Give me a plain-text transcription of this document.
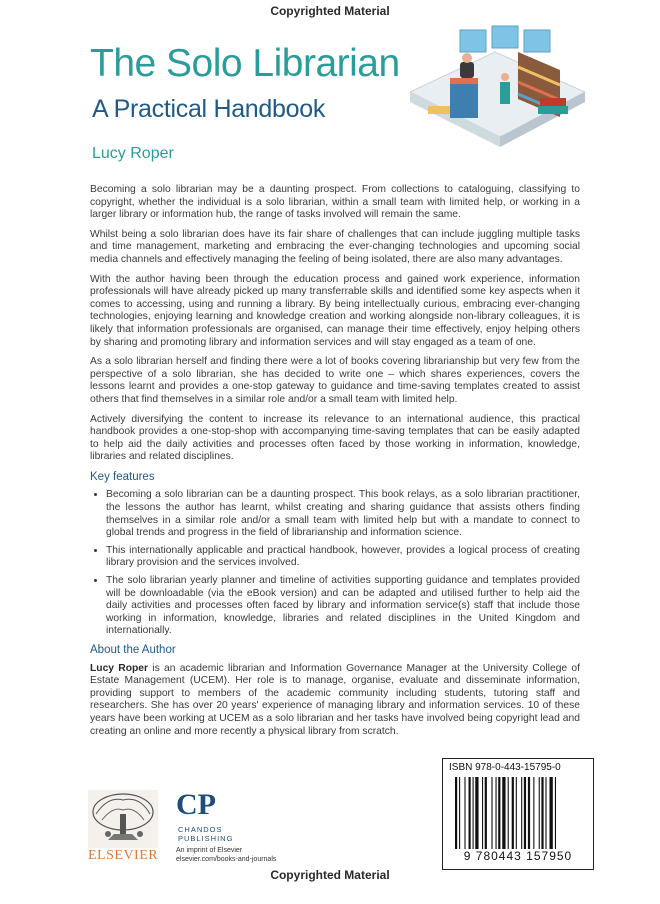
Copyrighted Material
The Solo Librarian
A Practical Handbook
Lucy Roper

Becoming a solo librarian may be a daunting prospect. From collections to cataloguing, classifying to copyright, whether the individual is a solo librarian, within a small team with limited help, or working in a larger library or information hub, the range of tasks involved will remain the same.

Whilst being a solo librarian does have its fair share of challenges that can include juggling multiple tasks and time management, marketing and embracing the ever-changing technologies and upcoming social media channels and effectively managing the feeling of being isolated, there are also many advantages.

With the author having been through the education process and gained work experience, information professionals will have already picked up many transferrable skills and identified some key aspects when it comes to accessing, using and running a library. By being intellectually curious, embracing ever-changing technologies, enjoying learning and knowledge creation and working alongside non-library colleagues, it is likely that information professionals are organised, can manage their time effectively, enjoy helping others by sharing and promoting library and information services and will stay engaged as a team of one.

As a solo librarian herself and finding there were a lot of books covering librarianship but very few from the perspective of a solo librarian, she has decided to write one – which shares experiences, covers the lessons learnt and provides a one-stop gateway to guidance and time-saving templates created to assist others that find themselves in a similar role and/or a small team with limited help.

Actively diversifying the content to increase its relevance to an international audience, this practical handbook provides a one-stop-shop with accompanying time-saving templates that can be easily adapted to help aid the daily activities and processes often faced by those working in information, knowledge, libraries and related disciplines.

Key features
• Becoming a solo librarian can be a daunting prospect. This book relays, as a solo librarian practitioner, the lessons the author has learnt, whilst creating and sharing guidance that assists others finding themselves in a similar role and/or a small team with limited help but with a mandate to connect to global trends and progress in the field of librarianship and information science.
• This internationally applicable and practical handbook, however, provides a logical process of creating library provision and the services involved.
• The solo librarian yearly planner and timeline of activities supporting guidance and templates provided will be downloadable (via the eBook version) and can be adapted and utilised further to help aid the daily activities and processes often faced by library and information service(s) staff that include those working in information, knowledge, libraries and related disciplines in the United Kingdom and internationally.
About the Author

Lucy Roper is an academic librarian and Information Governance Manager at the University College of Estate Management (UCEM). Her role is to manage, organise, evaluate and disseminate information, providing support to members of the academic community including students, tutoring staff and researchers. She has over 20 years' experience of managing library and information services. 10 of these years have been working at UCEM as a solo librarian and her tasks have involved being copyright lead and creating an online and more recently a physical library from scratch.

ELSEVIER
CP
CHANDOS
PUBLISHING
An imprint of Elsevier
elsevier.com/books-and-journals
ISBN 978-0-443-15795-0
9 780443 157950
Copyrighted Material
